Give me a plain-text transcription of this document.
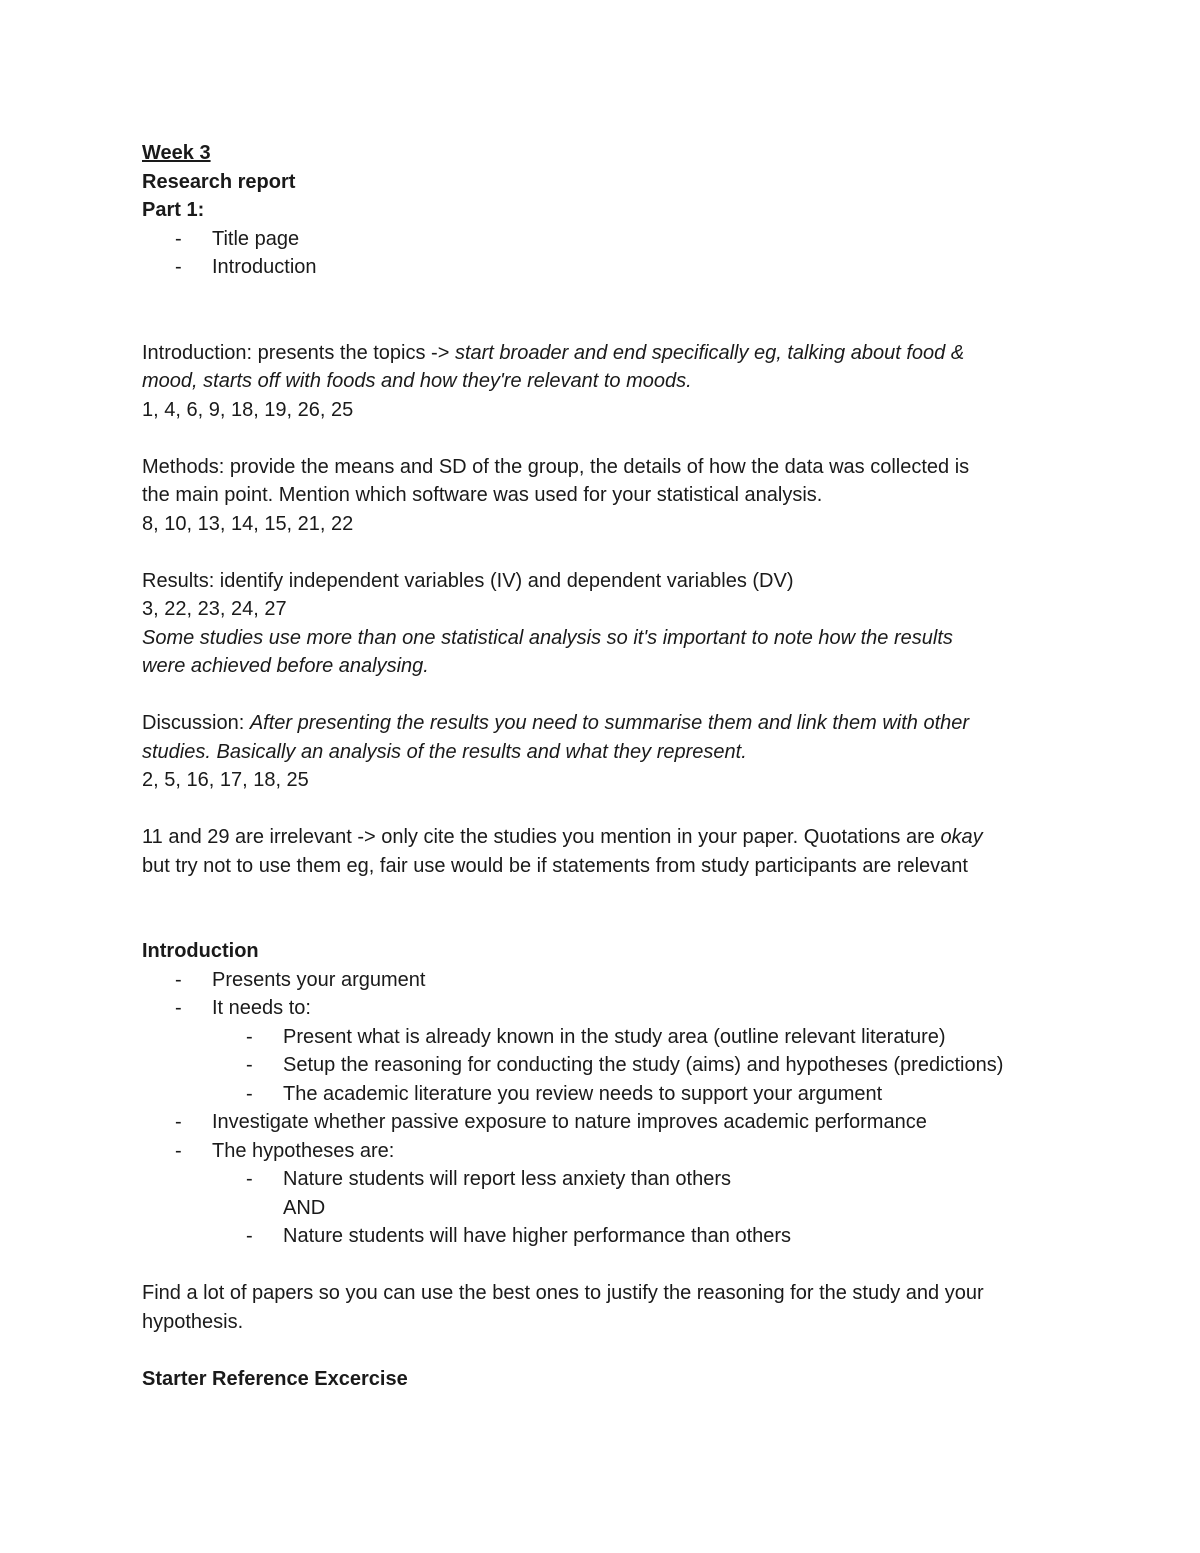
Week 3
Research report
Part 1:
- Title page
- Introduction
Introduction: presents the topics -> start broader and end specifically eg, talking about food &
mood, starts off with foods and how they're relevant to moods.
1, 4, 6, 9, 18, 19, 26, 25
Methods: provide the means and SD of the group, the details of how the data was collected is
the main point. Mention which software was used for your statistical analysis.
8, 10, 13, 14, 15, 21, 22
Results: identify independent variables (IV) and dependent variables (DV)
3, 22, 23, 24, 27
Some studies use more than one statistical analysis so it's important to note how the results
were achieved before analysing.
Discussion: After presenting the results you need to summarise them and link them with other
studies. Basically an analysis of the results and what they represent.
2, 5, 16, 17, 18, 25
11 and 29 are irrelevant -> only cite the studies you mention in your paper. Quotations are okay
but try not to use them eg, fair use would be if statements from study participants are relevant
Introduction
- Presents your argument
- It needs to:
- Present what is already known in the study area (outline relevant literature)
- Setup the reasoning for conducting the study (aims) and hypotheses (predictions)
- The academic literature you review needs to support your argument
- Investigate whether passive exposure to nature improves academic performance
- The hypotheses are:
- Nature students will report less anxiety than others
AND
- Nature students will have higher performance than others
Find a lot of papers so you can use the best ones to justify the reasoning for the study and your
hypothesis.
Starter Reference Excercise
